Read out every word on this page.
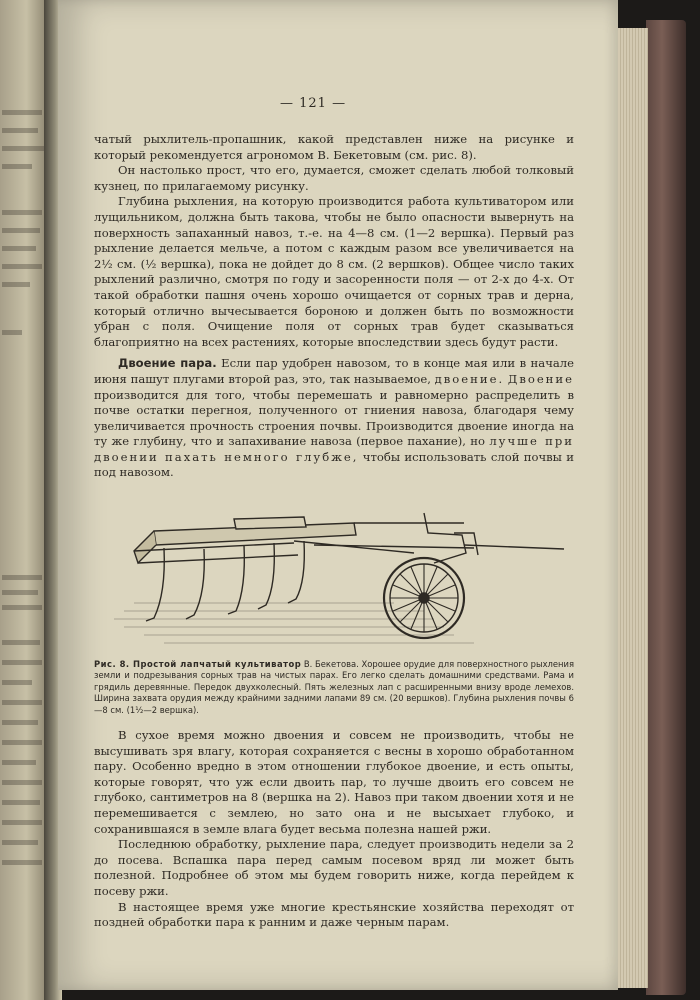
— 121 —

чатый рыхлитель-пропашник, какой представлен ниже на рисунке и который рекомендуется агрономом В. Бекетовым (см. рис. 8).

Он настолько прост, что его, думается, сможет сделать любой толковый кузнец, по прилагаемому рисунку.

Глубина рыхления, на которую производится работа культиватором или лущильником, должна быть такова, чтобы не было опасности вывернуть на поверхность запаханный навоз, т.-е. на 4—8 см. (1—2 вершка). Первый раз рыхление делается мельче, а потом с каждым разом все увеличивается на 2½ см. (½ вершка), пока не дойдет до 8 см. (2 вершков). Общее число таких рыхлений различно, смотря по году и засоренности поля — от 2-х до 4-х. От такой обработки пашня очень хорошо очищается от сорных трав и дерна, который отлично вычесывается бороною и должен быть по возможности убран с поля. Очищение поля от сорных трав будет сказываться благоприятно на всех растениях, которые впоследствии здесь будут расти.

Двоение пара. Если пар удобрен навозом, то в конце мая или в начале июня пашут плугами второй раз, это, так называемое, двоение. Двоение производится для того, чтобы перемешать и равномерно распределить в почве остатки перегноя, полученного от гниения навоза, благодаря чему увеличивается прочность строения почвы. Производится двоение иногда на ту же глубину, что и запахивание навоза (первое пахание), но лучше при двоении пахать немного глубже, чтобы использовать слой почвы и под навозом.

Рис. 8. Простой лапчатый культиватор В. Бекетова. Хорошее орудие для поверхностного рыхления земли и подрезывания сорных трав на чистых парах. Его легко сделать домашними средствами. Рама и грядиль деревянные. Передок двухколесный. Пять железных лап с расширенными внизу вроде лемехов. Ширина захвата орудия между крайними задними лапами 89 см. (20 вершков). Глубина рыхления почвы 6—8 см. (1½—2 вершка).

В сухое время можно двоения и совсем не производить, чтобы не высушивать зря влагу, которая сохраняется с весны в хорошо обработанном пару. Особенно вредно в этом отношении глубокое двоение, и есть опыты, которые говорят, что уж если двоить пар, то лучше двоить его совсем не глубоко, сантиметров на 8 (вершка на 2). Навоз при таком двоении хотя и не перемешивается с землею, но зато она и не высыхает глубоко, и сохранившаяся в земле влага будет весьма полезна нашей ржи.

Последнюю обработку, рыхление пара, следует производить недели за 2 до посева. Вспашка пара перед самым посевом вряд ли может быть полезной. Подробнее об этом мы будем говорить ниже, когда перейдем к посеву ржи.

В настоящее время уже многие крестьянские хозяйства переходят от поздней обработки пара к ранним и даже черным парам.
